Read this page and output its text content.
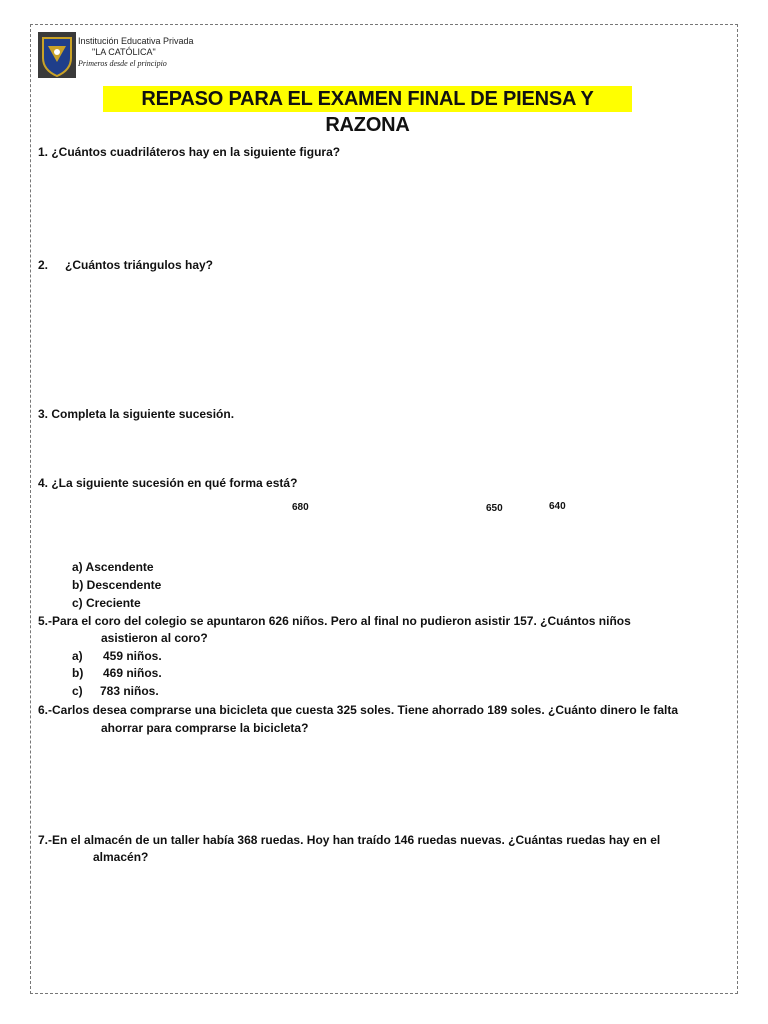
Institución Educativa Privada
"LA CATÓLICA"
Primeros desde el principio
REPASO PARA EL EXAMEN FINAL DE PIENSA Y RAZONA
1. ¿Cuántos cuadriláteros hay en la siguiente figura?
2. ¿Cuántos triángulos hay?
3. Completa la siguiente sucesión.
4. ¿La siguiente sucesión en qué forma está?
680	650	640
a) Ascendente
b) Descendente
c) Creciente
5.-Para el coro del colegio se apuntaron 626 niños. Pero al final no pudieron asistir 157. ¿Cuántos niños
asistieron al coro?
a) 459 niños.
b) 469 niños.
c) 783 niños.
6.-Carlos desea comprarse una bicicleta que cuesta 325 soles. Tiene ahorrado 189 soles. ¿Cuánto dinero le falta
ahorrar para comprarse la bicicleta?
7.-En el almacén de un taller había 368 ruedas. Hoy han traído 146 ruedas nuevas. ¿Cuántas ruedas hay en el
almacén?
